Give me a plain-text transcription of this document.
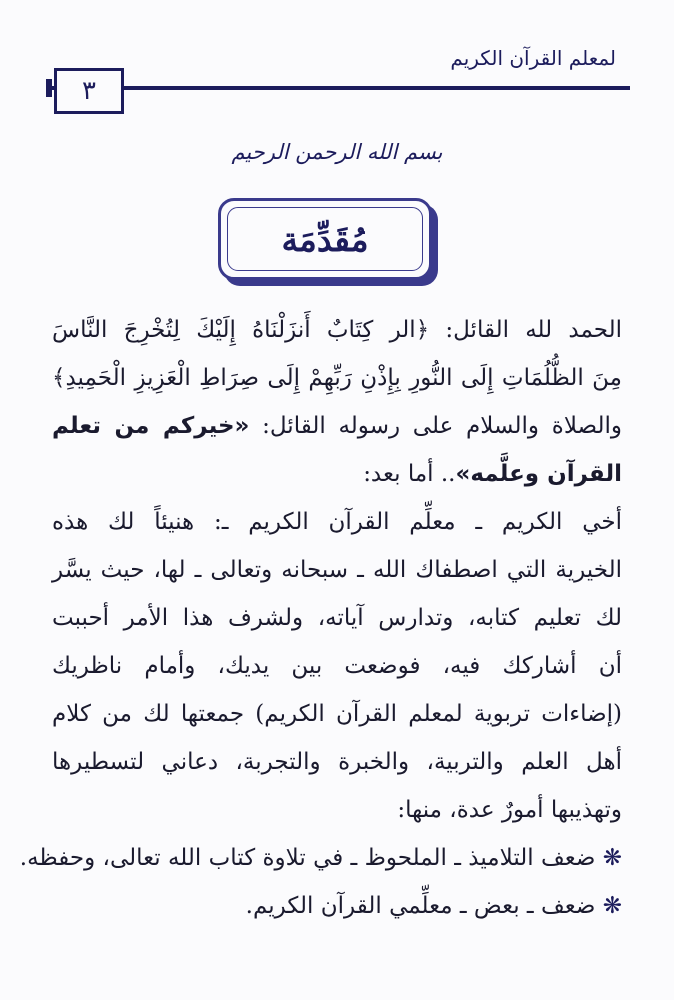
لمعلم القرآن الكريم
٣
بسم الله الرحمن الرحيم
مُقَدِّمَة
الحمد لله القائل: ﴿الر كِتَابٌ أَنزَلْنَاهُ إِلَيْكَ لِتُخْرِجَ النَّاسَ
مِنَ الظُّلُمَاتِ إِلَى النُّورِ بِإِذْنِ رَبِّهِمْ إِلَى صِرَاطِ الْعَزِيزِ الْحَمِيدِ﴾
والصلاة والسلام على رسوله القائل: «خيركم من تعلم
القرآن وعلَّمه».. أما بعد:
أخي الكريم ـ معلِّم القرآن الكريم ـ: هنيئاً لك هذه
الخيرية التي اصطفاك الله ـ سبحانه وتعالى ـ لها، حيث يسَّر
لك تعليم كتابه، وتدارس آياته، ولشرف هذا الأمر أحببت
أن أشاركك فيه، فوضعت بين يديك، وأمام ناظريك
(إضاءات تربوية لمعلم القرآن الكريم) جمعتها لك من كلام
أهل العلم والتربية، والخبرة والتجربة، دعاني لتسطيرها
وتهذيبها أمورٌ عدة، منها:
❋ ضعف التلاميذ ـ الملحوظ ـ في تلاوة كتاب الله تعالى، وحفظه.
❋ ضعف ـ بعض ـ معلِّمي القرآن الكريم.
